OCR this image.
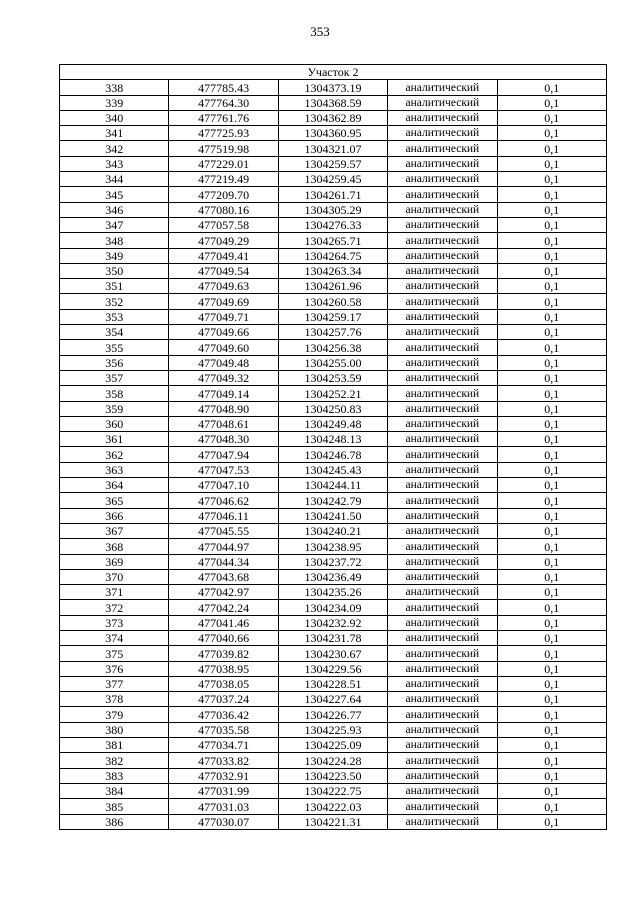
353
Участок 2				
338	477785.43	1304373.19	аналитический	0,1
339	477764.30	1304368.59	аналитический	0,1
340	477761.76	1304362.89	аналитический	0,1
341	477725.93	1304360.95	аналитический	0,1
342	477519.98	1304321.07	аналитический	0,1
343	477229.01	1304259.57	аналитический	0,1
344	477219.49	1304259.45	аналитический	0,1
345	477209.70	1304261.71	аналитический	0,1
346	477080.16	1304305.29	аналитический	0,1
347	477057.58	1304276.33	аналитический	0,1
348	477049.29	1304265.71	аналитический	0,1
349	477049.41	1304264.75	аналитический	0,1
350	477049.54	1304263.34	аналитический	0,1
351	477049.63	1304261.96	аналитический	0,1
352	477049.69	1304260.58	аналитический	0,1
353	477049.71	1304259.17	аналитический	0,1
354	477049.66	1304257.76	аналитический	0,1
355	477049.60	1304256.38	аналитический	0,1
356	477049.48	1304255.00	аналитический	0,1
357	477049.32	1304253.59	аналитический	0,1
358	477049.14	1304252.21	аналитический	0,1
359	477048.90	1304250.83	аналитический	0,1
360	477048.61	1304249.48	аналитический	0,1
361	477048.30	1304248.13	аналитический	0,1
362	477047.94	1304246.78	аналитический	0,1
363	477047.53	1304245.43	аналитический	0,1
364	477047.10	1304244.11	аналитический	0,1
365	477046.62	1304242.79	аналитический	0,1
366	477046.11	1304241.50	аналитический	0,1
367	477045.55	1304240.21	аналитический	0,1
368	477044.97	1304238.95	аналитический	0,1
369	477044.34	1304237.72	аналитический	0,1
370	477043.68	1304236.49	аналитический	0,1
371	477042.97	1304235.26	аналитический	0,1
372	477042.24	1304234.09	аналитический	0,1
373	477041.46	1304232.92	аналитический	0,1
374	477040.66	1304231.78	аналитический	0,1
375	477039.82	1304230.67	аналитический	0,1
376	477038.95	1304229.56	аналитический	0,1
377	477038.05	1304228.51	аналитический	0,1
378	477037.24	1304227.64	аналитический	0,1
379	477036.42	1304226.77	аналитический	0,1
380	477035.58	1304225.93	аналитический	0,1
381	477034.71	1304225.09	аналитический	0,1
382	477033.82	1304224.28	аналитический	0,1
383	477032.91	1304223.50	аналитический	0,1
384	477031.99	1304222.75	аналитический	0,1
385	477031.03	1304222.03	аналитический	0,1
386	477030.07	1304221.31	аналитический	0,1
